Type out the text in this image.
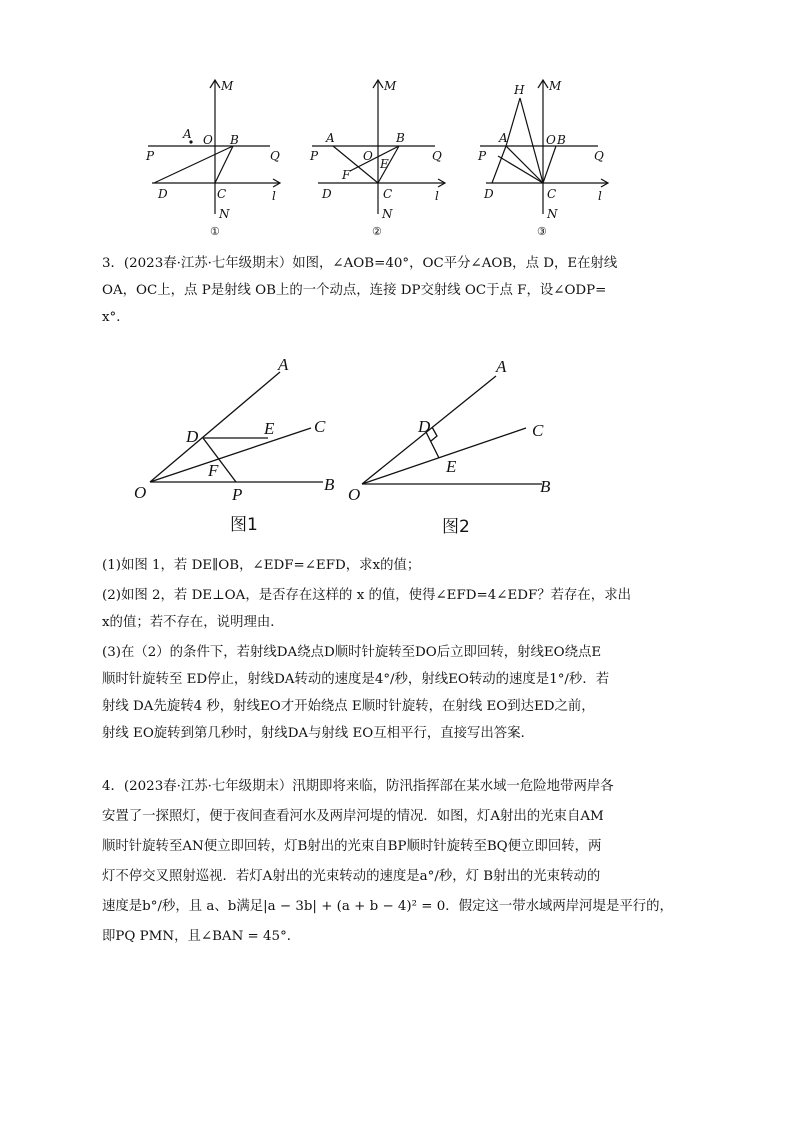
M
A O B
P	Q
D	C	l
N
①
M
A	B
P	O
E
Q
F
D	C	l
N
②
M
H
A	O B
P	Q
D	C	l
N
③
3．(2023春·江苏·七年级期末）如图，∠AOB=40°，OC平分∠AOB，点 D，E在射线
OA，OC上，点 P是射线 OB上的一个动点，连接 DP交射线 OC于点 F，设∠ODP=
x°．
A
C
D	E
F
O	P
B
图1
A
C
D
E
O	B
图2
(1)如图 1，若 DE∥OB，∠EDF=∠EFD，求x的值；
(2)如图 2，若 DE⊥OA，是否存在这样的 x 的值，使得∠EFD=4∠EDF？若存在，求出
x的值；若不存在，说明理由．
(3)在（2）的条件下，若射线DA绕点D顺时针旋转至DO后立即回转，射线EO绕点E
顺时针旋转至 ED停止，射线DA转动的速度是4°/秒，射线EO转动的速度是1°/秒．若
射线 DA先旋转4 秒，射线EO才开始绕点 E顺时针旋转，在射线 EO到达ED之前，
射线 EO旋转到第几秒时，射线DA与射线 EO互相平行，直接写出答案．
4．(2023春·江苏·七年级期末）汛期即将来临，防汛指挥部在某水域一危险地带两岸各
安置了一探照灯，便于夜间查看河水及两岸河堤的情况．如图，灯A射出的光束自AM
顺时针旋转至AN便立即回转，灯B射出的光束自BP顺时针旋转至BQ便立即回转，两
灯不停交叉照射巡视．若灯A射出的光束转动的速度是a°/秒，灯 B射出的光束转动的
速度是b°/秒，且 a、b满足|a − 3b| + (a + b − 4)² = 0．假定这一带水域两岸河堤是平行的，
即PQ PMN，且∠BAN = 45°．
